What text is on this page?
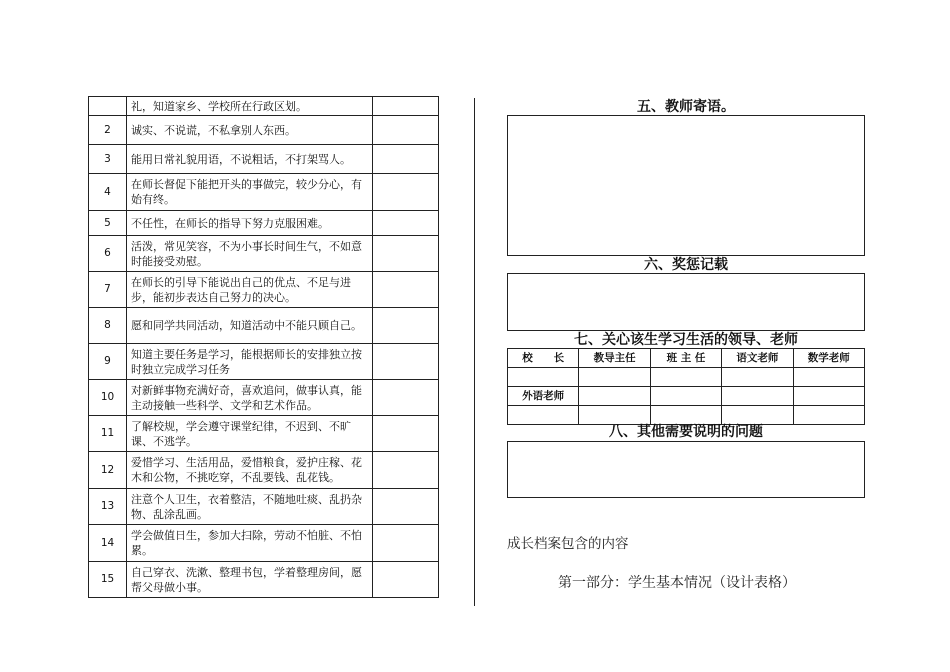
	礼，知道家乡、学校所在行政区划。	
2	诚实、不说谎，不私拿别人东西。	
3	能用日常礼貌用语，不说粗话，不打架骂人。	
4	在师长督促下能把开头的事做完，较少分心，有始有终。	
5	不任性，在师长的指导下努力克服困难。	
6	活泼，常见笑容，不为小事长时间生气，不如意时能接受劝慰。	
7	在师长的引导下能说出自己的优点、不足与进步，能初步表达自己努力的决心。	
8	愿和同学共同活动，知道活动中不能只顾自己。	
9	知道主要任务是学习，能根据师长的安排独立按时独立完成学习任务	
10	对新鲜事物充满好奇，喜欢追问，做事认真，能主动接触一些科学、文学和艺术作品。	
11	了解校规，学会遵守课堂纪律，不迟到、不旷课、不逃学。	
12	爱惜学习、生活用品，爱惜粮食，爱护庄稼、花木和公物，不挑吃穿，不乱要钱、乱花钱。	
13	注意个人卫生，衣着整洁，不随地吐痰、乱扔杂物、乱涂乱画。	
14	学会做值日生，参加大扫除，劳动不怕脏、不怕累。	
15	自己穿衣、洗漱、整理书包，学着整理房间，愿帮父母做小事。	
五、教师寄语。
六、奖惩记载
七、关心该生学习生活的领导、老师
校　　长	教导主任	班 主 任	语文老师	数学老师

外语老师				

八、其他需要说明的问题
成长档案包含的内容
第一部分：学生基本情况（设计表格）
